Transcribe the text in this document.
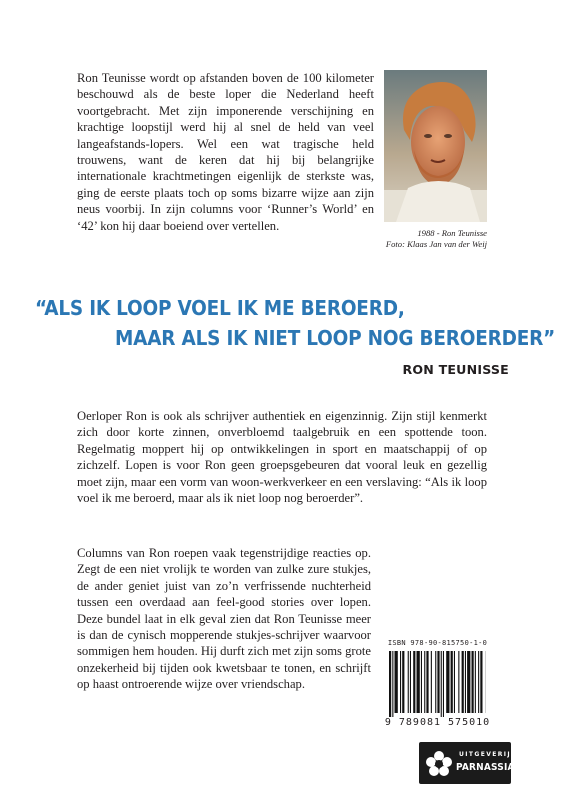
Ron Teunisse wordt op afstanden boven de 100 kilometer beschouwd als de beste loper die Nederland heeft voortgebracht. Met zijn imponerende verschijning en krachtige loopstijl werd hij al snel de held van veel langeafstands-lopers. Wel een wat tragische held trouwens, want de keren dat hij bij belangrijke internationale krachtmetingen eigenlijk de sterkste was, ging de eerste plaats toch op soms bizarre wijze aan zijn neus voorbij. In zijn columns voor ‘Runner’s World’ en ‘42’ kon hij daar boeiend over vertellen.

1988 - Ron Teunisse
Foto: Klaas Jan van der Weij
“ALS IK LOOP VOEL IK ME BEROERD,
MAAR ALS IK NIET LOOP NOG BEROERDER”
RON TEUNISSE

Oerloper Ron is ook als schrijver authentiek en eigenzinnig. Zijn stijl kenmerkt zich door korte zinnen, onverbloemd taalgebruik en een spottende toon. Regelmatig moppert hij op ontwikkelingen in sport en maatschappij of op zichzelf. Lopen is voor Ron geen groepsgebeuren dat vooral leuk en gezellig moet zijn, maar een vorm van woon-werkverkeer en een verslaving: “Als ik loop voel ik me beroerd, maar als ik niet loop nog beroerder”.

Columns van Ron roepen vaak tegenstrijdige reacties op. Zegt de een niet vrolijk te worden van zulke zure stukjes, de ander geniet juist van zo’n verfrissende nuchterheid tussen een overdaad aan feel-good stories over lopen. Deze bundel laat in elk geval zien dat Ron Teunisse meer is dan de cynisch mopperende stukjes-schrijver waarvoor sommigen hem houden. Hij durft zich met zijn soms grote onzekerheid bij tijden ook kwetsbaar te tonen, en schrijft op haast ontroerende wijze over vriendschap.

ISBN 978-90-815750-1-0
9 789081 575010
UITGEVERIJ
PARNASSIA
